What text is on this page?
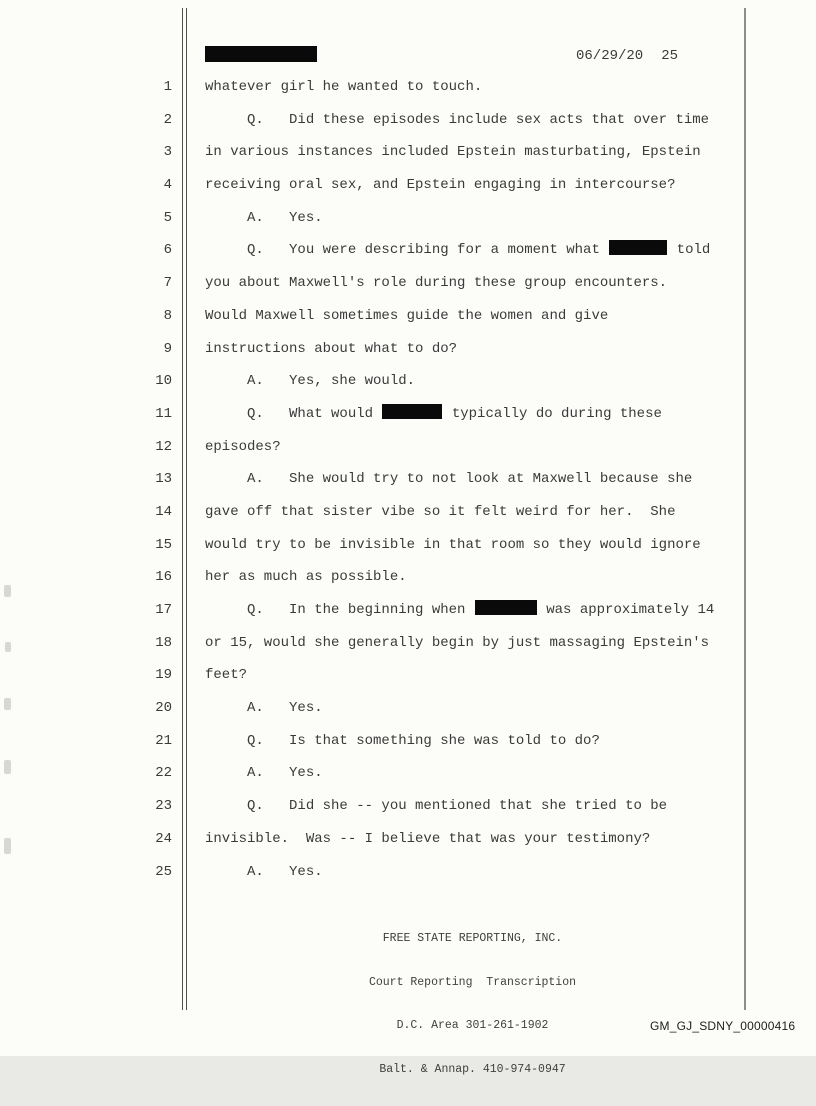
06/29/20 25
1	whatever girl he wanted to touch.
2	Q.   Did these episodes include sex acts that over time
3	in various instances included Epstein masturbating, Epstein
4	receiving oral sex, and Epstein engaging in intercourse?
5	A.   Yes.
6	Q.   You were describing for a moment what	told
7	you about Maxwell's role during these group encounters.
8	Would Maxwell sometimes guide the women and give
9	instructions about what to do?
10	A.   Yes, she would.
11	Q.   What would	typically do during these
12	episodes?
13	A.   She would try to not look at Maxwell because she
14	gave off that sister vibe so it felt weird for her.  She
15	would try to be invisible in that room so they would ignore
16	her as much as possible.
17	Q.   In the beginning when	was approximately 14
18	or 15, would she generally begin by just massaging Epstein's
19	feet?
20	A.   Yes.
21	Q.   Is that something she was told to do?
22	A.   Yes.
23	Q.   Did she -- you mentioned that she tried to be
24	invisible.  Was -- I believe that was your testimony?
25	A.   Yes.

FREE STATE REPORTING, INC.

Court Reporting  Transcription

D.C. Area 301-261-1902

Balt. & Annap. 410-974-0947

GM_GJ_SDNY_00000416
